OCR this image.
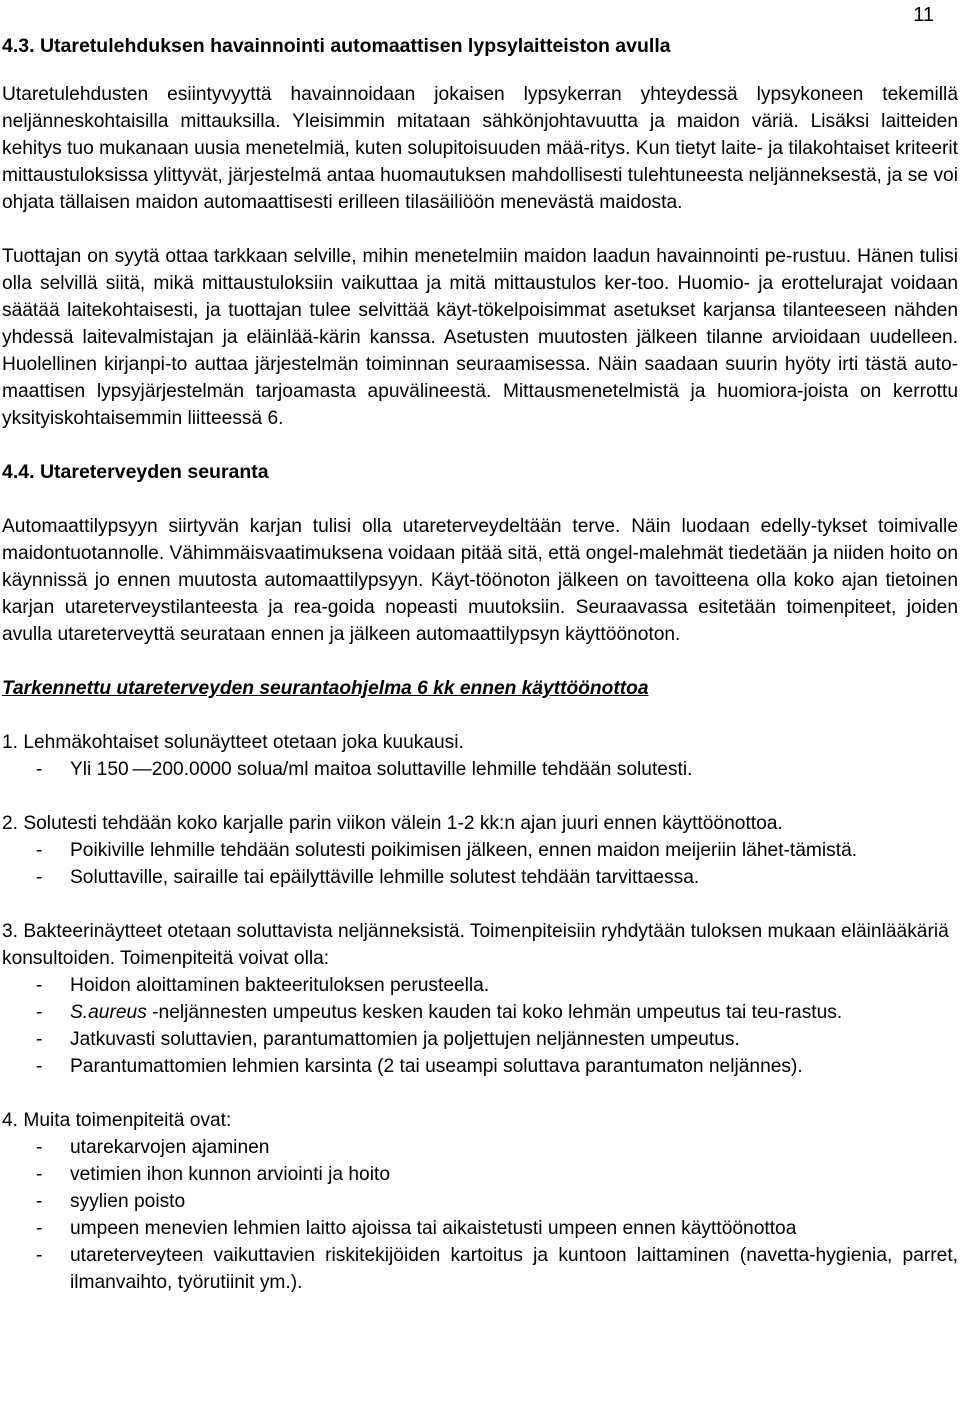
11
4.3. Utaretulehduksen havainnointi automaattisen lypsylaitteiston avulla

Utaretulehdusten esiintyvyyttä havainnoidaan jokaisen lypsykerran yhteydessä lypsykoneen tekemillä neljänneskohtaisilla mittauksilla. Yleisimmin mitataan sähkönjohtavuutta ja maidon väriä. Lisäksi laitteiden kehitys tuo mukanaan uusia menetelmiä, kuten solupitoisuuden mää-ritys. Kun tietyt laite- ja tilakohtaiset kriteerit mittaustuloksissa ylittyvät, järjestelmä antaa huomautuksen mahdollisesti tulehtuneesta neljänneksestä, ja se voi ohjata tällaisen maidon automaattisesti erilleen tilasäiliöön menevästä maidosta.

Tuottajan on syytä ottaa tarkkaan selville, mihin menetelmiin maidon laadun havainnointi pe-rustuu. Hänen tulisi olla selvillä siitä, mikä mittaustuloksiin vaikuttaa ja mitä mittaustulos ker-too. Huomio- ja erottelurajat voidaan säätää laitekohtaisesti, ja tuottajan tulee selvittää käyt-tökelpoisimmat asetukset karjansa tilanteeseen nähden yhdessä laitevalmistajan ja eläinlää-kärin kanssa. Asetusten muutosten jälkeen tilanne arvioidaan uudelleen. Huolellinen kirjanpi-to auttaa järjestelmän toiminnan seuraamisessa. Näin saadaan suurin hyöty irti tästä auto-maattisen lypsyjärjestelmän tarjoamasta apuvälineestä. Mittausmenetelmistä ja huomiora-joista on kerrottu yksityiskohtaisemmin liitteessä 6.

4.4. Utareterveyden seuranta

Automaattilypsyyn siirtyvän karjan tulisi olla utareterveydeltään terve. Näin luodaan edelly-tykset toimivalle maidontuotannolle. Vähimmäisvaatimuksena voidaan pitää sitä, että ongel-malehmät tiedetään ja niiden hoito on käynnissä jo ennen muutosta automaattilypsyyn. Käyt-töönoton jälkeen on tavoitteena olla koko ajan tietoinen karjan utareterveystilanteesta ja rea-goida nopeasti muutoksiin. Seuraavassa esitetään toimenpiteet, joiden avulla utareterveyttä seurataan ennen ja jälkeen automaattilypsyn käyttöönoton.

Tarkennettu utareterveyden seurantaohjelma 6 kk ennen käyttöönottoa
1. Lehmäkohtaiset solunäytteet otetaan joka kuukausi.
-	Yli 150 —200.0000 solua/ml maitoa soluttaville lehmille tehdään solutesti.
2. Solutesti tehdään koko karjalle parin viikon välein 1-2 kk:n ajan juuri ennen käyttöönottoa.
-	Poikiville lehmille tehdään solutesti poikimisen jälkeen, ennen maidon meijeriin lähet-tämistä.
-	Soluttaville, sairaille tai epäilyttäville lehmille solutest tehdään tarvittaessa.
3. Bakteerinäytteet otetaan soluttavista neljänneksistä. Toimenpiteisiin ryhdytään tuloksen mukaan eläinlääkäriä konsultoiden. Toimenpiteitä voivat olla:
-	Hoidon aloittaminen bakteerituloksen perusteella.
-	S.aureus -neljännesten umpeutus kesken kauden tai koko lehmän umpeutus tai teu-rastus.
-	Jatkuvasti soluttavien, parantumattomien ja poljettujen neljännesten umpeutus.
-	Parantumattomien lehmien karsinta (2 tai useampi soluttava parantumaton neljännes).
4. Muita toimenpiteitä ovat:
-	utarekarvojen ajaminen
-	vetimien ihon kunnon arviointi ja hoito
-	syylien poisto
-	umpeen menevien lehmien laitto ajoissa tai aikaistetusti umpeen ennen käyttöönottoa
-	utareterveyteen vaikuttavien riskitekijöiden kartoitus ja kuntoon laittaminen (navetta-hygienia, parret, ilmanvaihto, työrutiinit ym.).
